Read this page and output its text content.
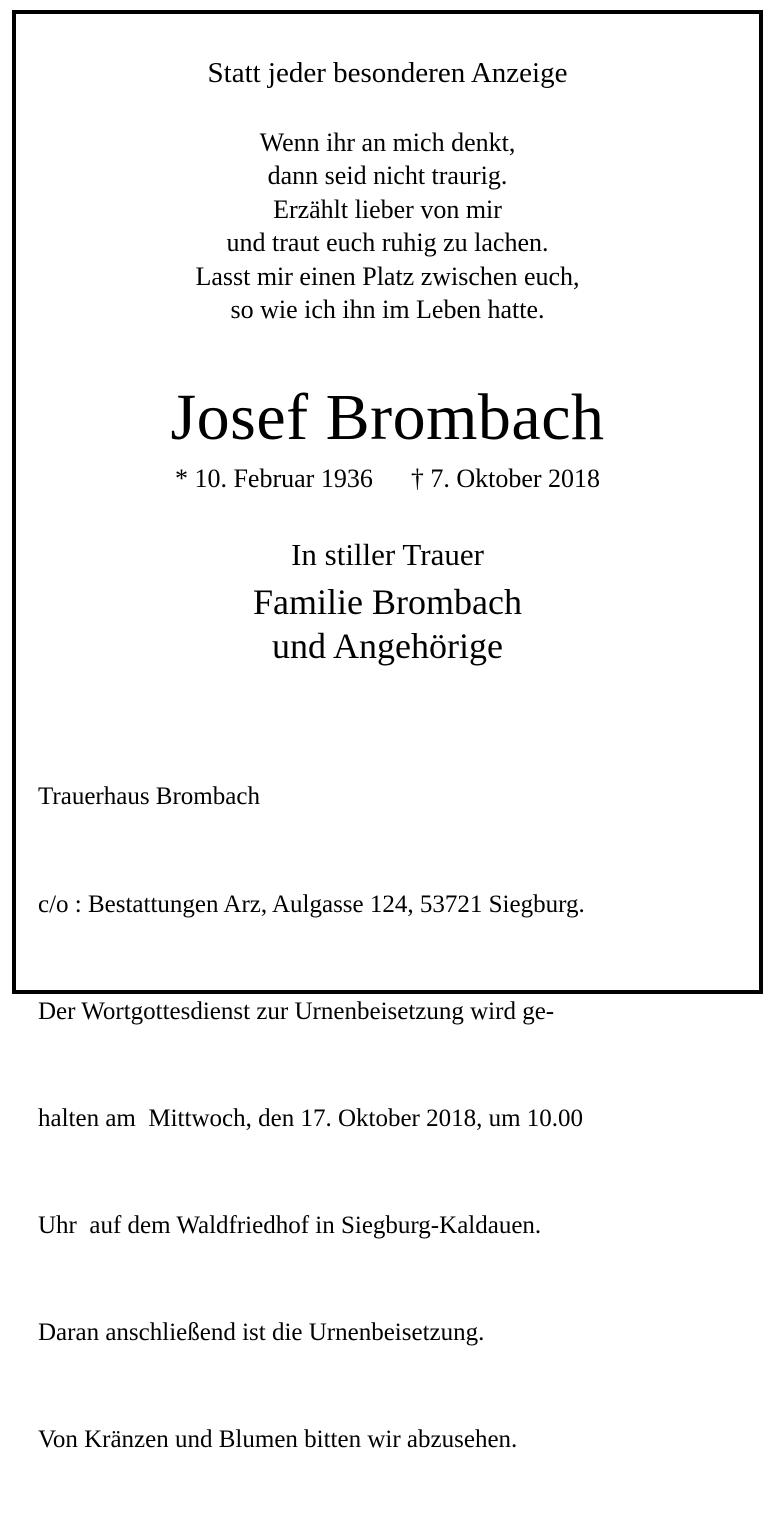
Statt jeder besonderen Anzeige
Wenn ihr an mich denkt,
dann seid nicht traurig.
Erzählt lieber von mir
und traut euch ruhig zu lachen.
Lasst mir einen Platz zwischen euch,
so wie ich ihn im Leben hatte.
Josef Brombach
* 10. Februar 1936 † 7. Oktober 2018
In stiller Trauer
Familie Brombach
und Angehörige

Trauerhaus Brombach

c/o : Bestattungen Arz, Aulgasse 124, 53721 Siegburg.

Der Wortgottesdienst zur Urnenbeisetzung wird ge-

halten am  Mittwoch, den 17. Oktober 2018, um 10.00

Uhr  auf dem Waldfriedhof in Siegburg-Kaldauen.

Daran anschließend ist die Urnenbeisetzung.

Von Kränzen und Blumen bitten wir abzusehen.
